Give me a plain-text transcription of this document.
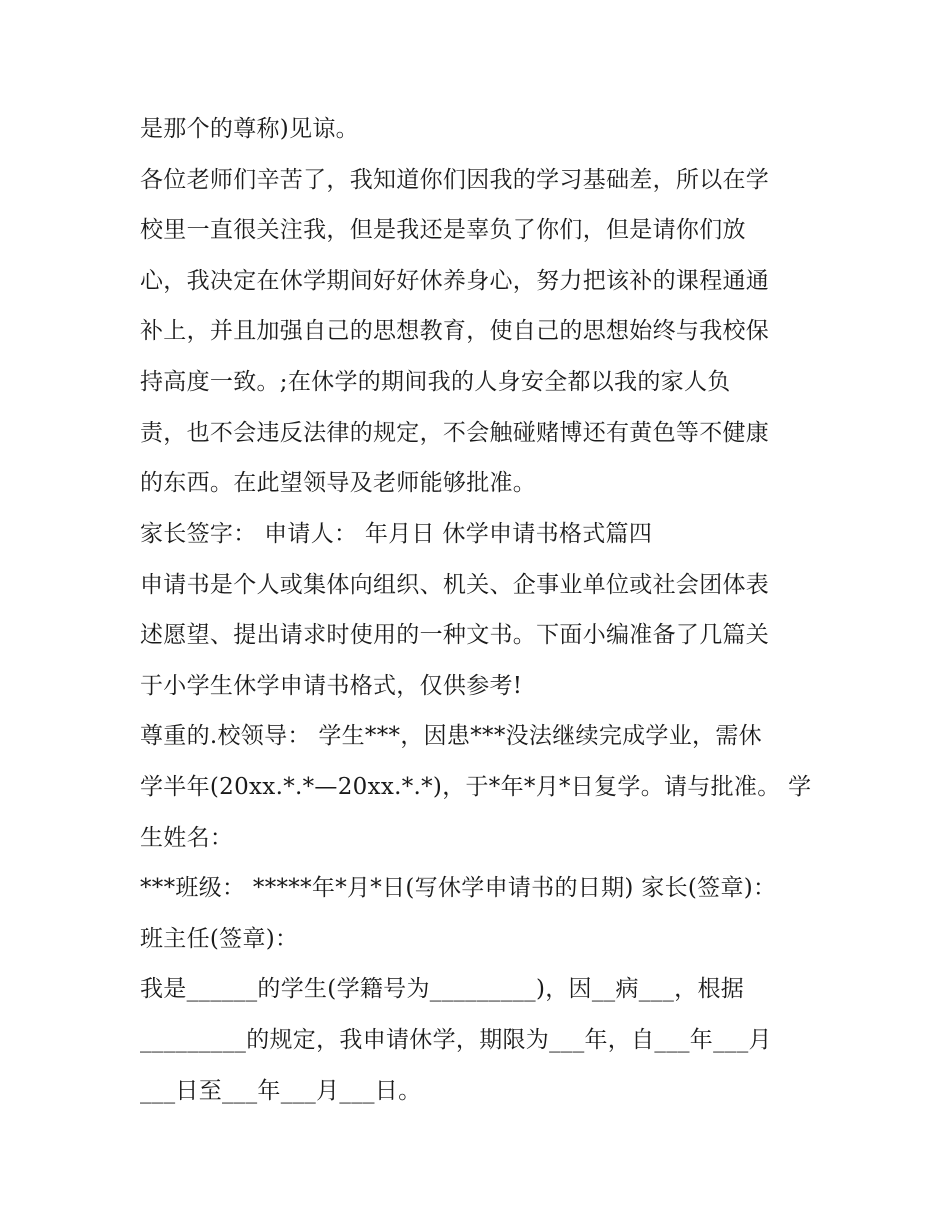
是那个的尊称)见谅。
各位老师们辛苦了，我知道你们因我的学习基础差，所以在学
校里一直很关注我，但是我还是辜负了你们，但是请你们放
心，我决定在休学期间好好休养身心，努力把该补的课程通通
补上，并且加强自己的思想教育，使自己的思想始终与我校保
持高度一致。;在休学的期间我的人身安全都以我的家人负
责，也不会违反法律的规定，不会触碰赌博还有黄色等不健康
的东西。在此望领导及老师能够批准。
家长签字： 申请人： 年月日 休学申请书格式篇四
申请书是个人或集体向组织、机关、企事业单位或社会团体表
述愿望、提出请求时使用的一种文书。下面小编准备了几篇关
于小学生休学申请书格式，仅供参考!
尊重的.校领导： 学生***，因患***没法继续完成学业，需休
学半年(20xx.*.*—20xx.*.*)，于*年*月*日复学。请与批准。 学
生姓名：
***班级： *****年*月*日(写休学申请书的日期) 家长(签章)：
班主任(签章)：
我是______的学生(学籍号为_________)，因__病___，根据
_________的规定，我申请休学，期限为___年，自___年___月
___日至___年___月___日。
